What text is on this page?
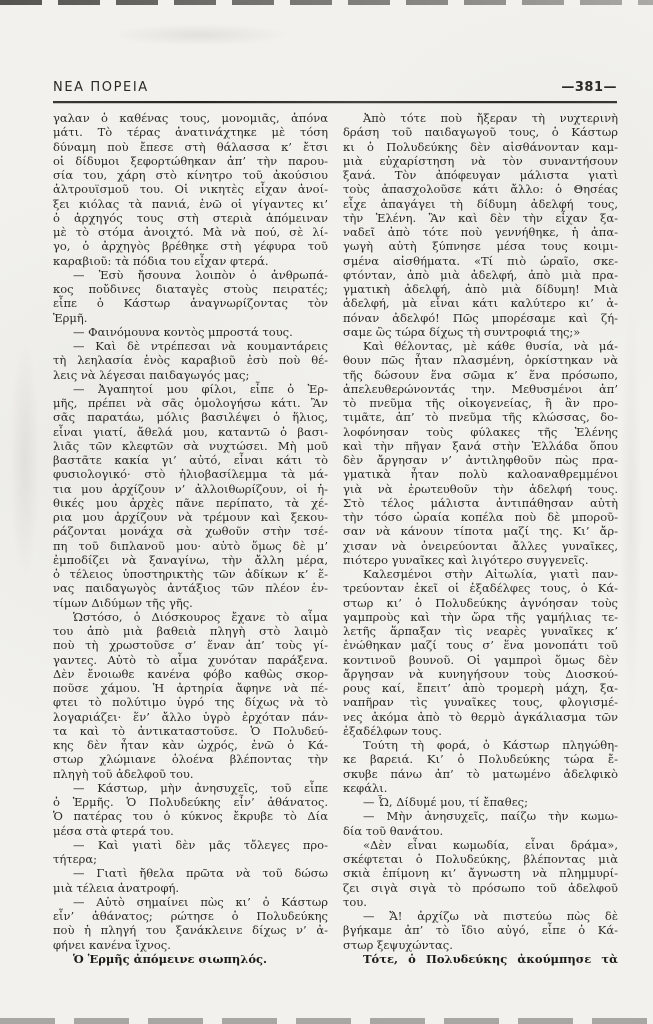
ΝΕΑ ΠΟΡΕΙΑ	—381—
γαλαν ὁ καθένας τους, μονομιᾶς, ἀπόνα
μάτι. Τὸ τέρας ἀνατινάχτηκε μὲ τόση
δύναμη ποὺ ἔπεσε στὴ θάλασσα κ’ ἔτσι
οἱ δίδυμοι ξεφορτώθηκαν ἀπ’ τὴν παρου-
σία του, χάρη στὸ κίνητρο τοῦ ἀκούσιου
ἀλτρουϊσμοῦ του. Οἱ νικητὲς εἶχαν ἀνοί-
ξει κιόλας τὰ πανιά, ἐνῶ οἱ γίγαντες κι’
ὁ ἀρχηγός τους στὴ στεριὰ ἀπόμειναν
μὲ τὸ στόμα ἀνοιχτό. Μὰ νὰ πού, σὲ λί-
γο, ὁ ἀρχηγὸς βρέθηκε στὴ γέφυρα τοῦ
καραβιοῦ: τὰ πόδια του εἶχαν φτερά.
— Ἐσὺ ἤσουνα λοιπὸν ὁ ἀνθρωπά-
κος ποὔδινες διαταγὲς στοὺς πειρατές;
εἶπε ὁ Κάστωρ ἀναγνωρίζοντας τὸν
Ἑρμῆ.
— Φαινόμουνα κοντὸς μπροστά τους.
— Καὶ δὲ ντρέπεσαι νὰ κουμαντάρεις
τὴ λεηλασία ἑνὸς καραβιοῦ ἐσὺ ποὺ θέ-
λεις νὰ λέγεσαι παιδαγωγός μας;
— Ἀγαπητοί μου φίλοι, εἶπε ὁ Ἑρ-
μῆς, πρέπει νὰ σᾶς ὁμολογήσω κάτι. Ἂν
σᾶς παρατάω, μόλις βασιλέψει ὁ ἥλιος,
εἶναι γιατί, ἄθελά μου, καταντῶ ὁ βασι-
λιᾶς τῶν κλεφτῶν σὰ νυχτώσει. Μὴ μοῦ
βαστᾶτε κακία γι’ αὐτό, εἶναι κάτι τὸ
φυσιολογικό· στὸ ἡλιοβασίλεμμα τὰ μά-
τια μου ἀρχίζουν ν’ ἀλλοιθωρίζουν, οἱ ἠ-
θικές μου ἀρχὲς πᾶνε περίπατο, τὰ χέ-
ρια μου ἀρχίζουν νὰ τρέμουν καὶ ξεκου-
ράζονται μονάχα σὰ χωθοῦν στὴν τσέ-
πη τοῦ διπλανοῦ μου· αὐτὸ ὅμως δὲ μ’
ἐμποδίζει νὰ ξαναγίνω, τὴν ἄλλη μέρα,
ὁ τέλειος ὑποστηρικτὴς τῶν ἀδίκων κ’ ἕ-
νας παιδαγωγὸς ἀντάξιος τῶν πλέον ἐν-
τίμων Διδύμων τῆς γῆς.
Ὡστόσο, ὁ Διόσκουρος ἔχανε τὸ αἷμα
του ἀπὸ μιὰ βαθειὰ πληγὴ στὸ λαιμὸ
ποὺ τὴ χρωστοῦσε σ’ ἕναν ἀπ’ τοὺς γί-
γαντες. Αὐτὸ τὸ αἷμα χυνόταν παράξενα.
Δὲν ἔνοιωθε κανένα φόβο καθὼς σκορ-
ποῦσε χάμου. Ἡ ἀρτηρία ἄφηνε νὰ πέ-
φτει τὸ πολύτιμο ὑγρό της δίχως νὰ τὸ
λογαριάζει· ἕν’ ἄλλο ὑγρὸ ἐρχόταν πάν-
τα καὶ τὸ ἀντικαταστοῦσε. Ὁ Πολυδεύ-
κης δὲν ἦταν κὰν ὠχρός, ἐνῶ ὁ Κά-
στωρ χλώμιανε ὁλοένα βλέποντας τὴν
πληγὴ τοῦ ἀδελφοῦ του.
— Κάστωρ, μὴν ἀνησυχεῖς, τοῦ εἶπε
ὁ Ἑρμῆς. Ὁ Πολυδεύκης εἶν’ ἀθάνατος.
Ὁ πατέρας του ὁ κύκνος ἔκρυβε τὸ Δία
μέσα στὰ φτερά του.
— Καὶ γιατὶ δὲν μᾶς τὄλεγες προ-
τήτερα;
— Γιατὶ ἤθελα πρῶτα νὰ τοῦ δώσω
μιὰ τέλεια ἀνατροφή.
— Αὐτὸ σημαίνει πὼς κι’ ὁ Κάστωρ
εἶν’ ἀθάνατος; ρώτησε ὁ Πολυδεύκης
ποὺ ἡ πληγή του ξανάκλεινε δίχως ν’ ἀ-
φήνει κανένα ἴχνος.
Ὁ Ἑρμῆς ἀπόμεινε σιωπηλός.
Ἀπὸ τότε ποὺ ἤξεραν τὴ νυχτερινὴ
δράση τοῦ παιδαγωγοῦ τους, ὁ Κάστωρ
κι ὁ Πολυδεύκης δὲν αἰσθάνονταν καμ-
μιὰ εὐχαρίστηση νὰ τὸν συναντήσουν
ξανά. Τὸν ἀπόφευγαν μάλιστα γιατὶ
τοὺς ἀπασχολοῦσε κάτι ἄλλο: ὁ Θησέας
εἶχε ἀπαγάγει τὴ δίδυμη ἀδελφή τους,
τὴν Ἑλένη. Ἂν καὶ δὲν τὴν εἶχαν ξα-
ναδεῖ ἀπὸ τότε ποὺ γεννήθηκε, ἡ ἀπα-
γωγὴ αὐτὴ ξύπνησε μέσα τους κοιμι-
σμένα αἰσθήματα. «Τί πιὸ ὡραῖο, σκε-
φτόνταν, ἀπὸ μιὰ ἀδελφή, ἀπὸ μιὰ πρα-
γματικὴ ἀδελφή, ἀπὸ μιὰ δίδυμη! Μιὰ
ἀδελφή, μὰ εἶναι κάτι καλύτερο κι’ ἀ-
πόναν ἀδελφό! Πῶς μπορέσαμε καὶ ζή-
σαμε ὣς τώρα δίχως τὴ συντροφιά της;»
Καὶ θέλοντας, μὲ κάθε θυσία, νὰ μά-
θουν πῶς ἦταν πλασμένη, ὁρκίστηκαν νὰ
τῆς δώσουν ἕνα σῶμα κ’ ἕνα πρόσωπο,
ἀπελευθερώνοντάς την. Μεθυσμένοι ἀπ’
τὸ πνεῦμα τῆς οἰκογενείας, ἢ ἂν προ-
τιμᾶτε, ἀπ’ τὸ πνεῦμα τῆς κλώσσας, δο-
λοφόνησαν τοὺς φύλακες τῆς Ἑλένης
καὶ τὴν πῆγαν ξανά στὴν Ἑλλάδα ὅπου
δὲν ἄργησαν ν’ ἀντιληφθοῦν πὼς πρα-
γματικὰ ἦταν πολὺ καλοαναθρεμμένοι
γιὰ νὰ ἐρωτευθοῦν τὴν ἀδελφή τους.
Στὸ τέλος μάλιστα ἀντιπάθησαν αὐτὴ
τὴν τόσο ὡραία κοπέλα ποὺ δὲ μποροῦ-
σαν νὰ κάνουν τίποτα μαζί της. Κι’ ἄρ-
χισαν νὰ ὀνειρεύονται ἄλλες γυναῖκες,
πιότερο γυναῖκες καὶ λιγότερο συγγενεῖς.
Καλεσμένοι στὴν Αἰτωλία, γιατὶ παν-
τρεύονταν ἐκεῖ οἱ ἐξαδέλφες τους, ὁ Κά-
στωρ κι’ ὁ Πολυδεύκης ἀγνόησαν τοὺς
γαμπροὺς καὶ τὴν ὥρα τῆς γαμήλιας τε-
λετῆς ἅρπαξαν τὶς νεαρὲς γυναῖκες κ’
ἑνώθηκαν μαζί τους σ’ ἕνα μονοπάτι τοῦ
κοντινοῦ βουνοῦ. Οἱ γαμπροὶ ὅμως δὲν
ἄργησαν νὰ κυνηγήσουν τοὺς Διοσκού-
ρους καί, ἔπειτ’ ἀπὸ τρομερὴ μάχη, ξα-
ναπῆραν τὶς γυναῖκες τους, φλογισμέ-
νες ἀκόμα ἀπὸ τὸ θερμὸ ἀγκάλιασμα τῶν
ἐξαδέλφων τους.
Τούτη τὴ φορά, ὁ Κάστωρ πληγώθη-
κε βαρειά. Κι’ ὁ Πολυδεύκης τώρα ἔ-
σκυβε πάνω ἀπ’ τὸ ματωμένο ἀδελφικὸ
κεφάλι.
— Ὦ, Δίδυμέ μου, τί ἔπαθες;
— Μὴν ἀνησυχεῖς, παίζω τὴν κωμω-
δία τοῦ θανάτου.
«Δὲν εἶναι κωμωδία, εἶναι δράμα»,
σκέφτεται ὁ Πολυδεύκης, βλέποντας μιὰ
σκιὰ ἐπίμονη κι’ ἄγνωστη νὰ πλημμυρί-
ζει σιγὰ σιγὰ τὸ πρόσωπο τοῦ ἀδελφοῦ
του.
— Ἄ! ἀρχίζω νὰ πιστεύω πὼς δὲ
βγήκαμε ἀπ’ τὸ ἴδιο αὐγό, εἶπε ὁ Κά-
στωρ ξεψυχώντας.
Τότε, ὁ Πολυδεύκης ἀκούμπησε τὰ
